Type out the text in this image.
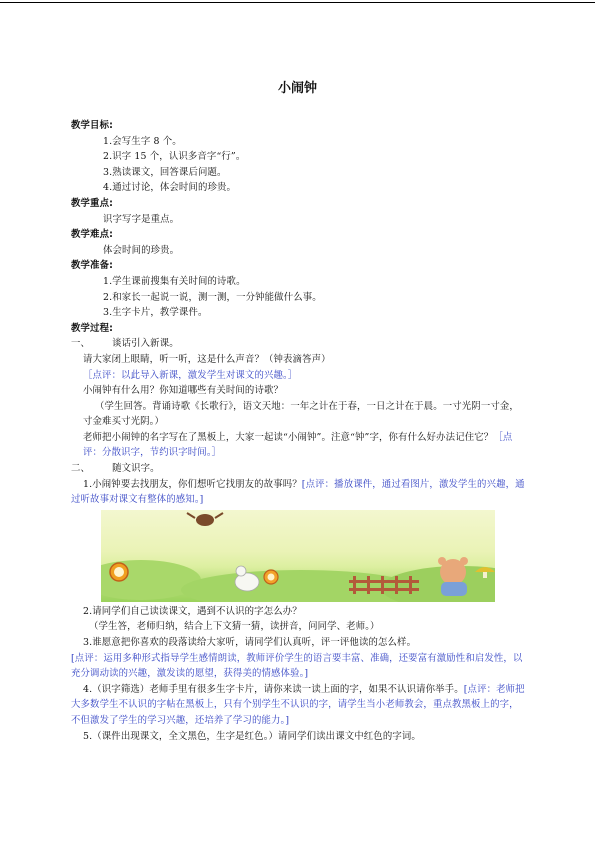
小闹钟

教学目标:

1.会写生字 8 个。

2.识字 15 个，认识多音字“行”。

3.熟读课文，回答课后问题。

4.通过讨论，体会时间的珍贵。

教学重点:

识字写字是重点。

教学难点:

体会时间的珍贵。

教学准备:

1.学生课前搜集有关时间的诗歌。

2.和家长一起说一说，测一测，一分钟能做什么事。

3.生字卡片，教学课件。

教学过程:

一、 谈话引入新课。

请大家闭上眼睛，听一听，这是什么声音？（钟表滴答声）

［点评：以此导入新课，激发学生对课文的兴趣。］

小闹钟有什么用？你知道哪些有关时间的诗歌？

（学生回答。背诵诗歌《长歌行》，语文天地：一年之计在于春，一日之计在于晨。一寸光阴一寸金，寸金难买寸光阴。）

老师把小闹钟的名字写在了黑板上，大家一起读“小闹钟”。注意“钟”字，你有什么好办法记住它？［点评：分散识字，节约识字时间。］

二、 随文识字。

1.小闹钟要去找朋友，你们想听它找朋友的故事吗？[点评：播放课件，通过看图片，激发学生的兴趣，通过听故事对课文有整体的感知。]

2.请同学们自己读读课文，遇到不认识的字怎么办？

（学生答，老师归纳，结合上下文猜一猜，读拼音，问同学、老师。）

3.谁愿意把你喜欢的段落读给大家听，请同学们认真听，评一评他读的怎么样。

[点评：运用多种形式指导学生感情朗读，教师评价学生的语言要丰富、准确，还要富有激励性和启发性，以充分调动读的兴趣，激发读的愿望，获得美的情感体验。]

4.（识字筛选）老师手里有很多生字卡片，请你来读一读上面的字，如果不认识请你举手。[点评：老师把大多数学生不认识的字帖在黑板上，只有个别学生不认识的字，请学生当小老师教会，重点教黑板上的字，不但激发了学生的学习兴趣，还培养了学习的能力。]

5.（课件出现课文，全文黑色，生字是红色。）请同学们读出课文中红色的字词。
